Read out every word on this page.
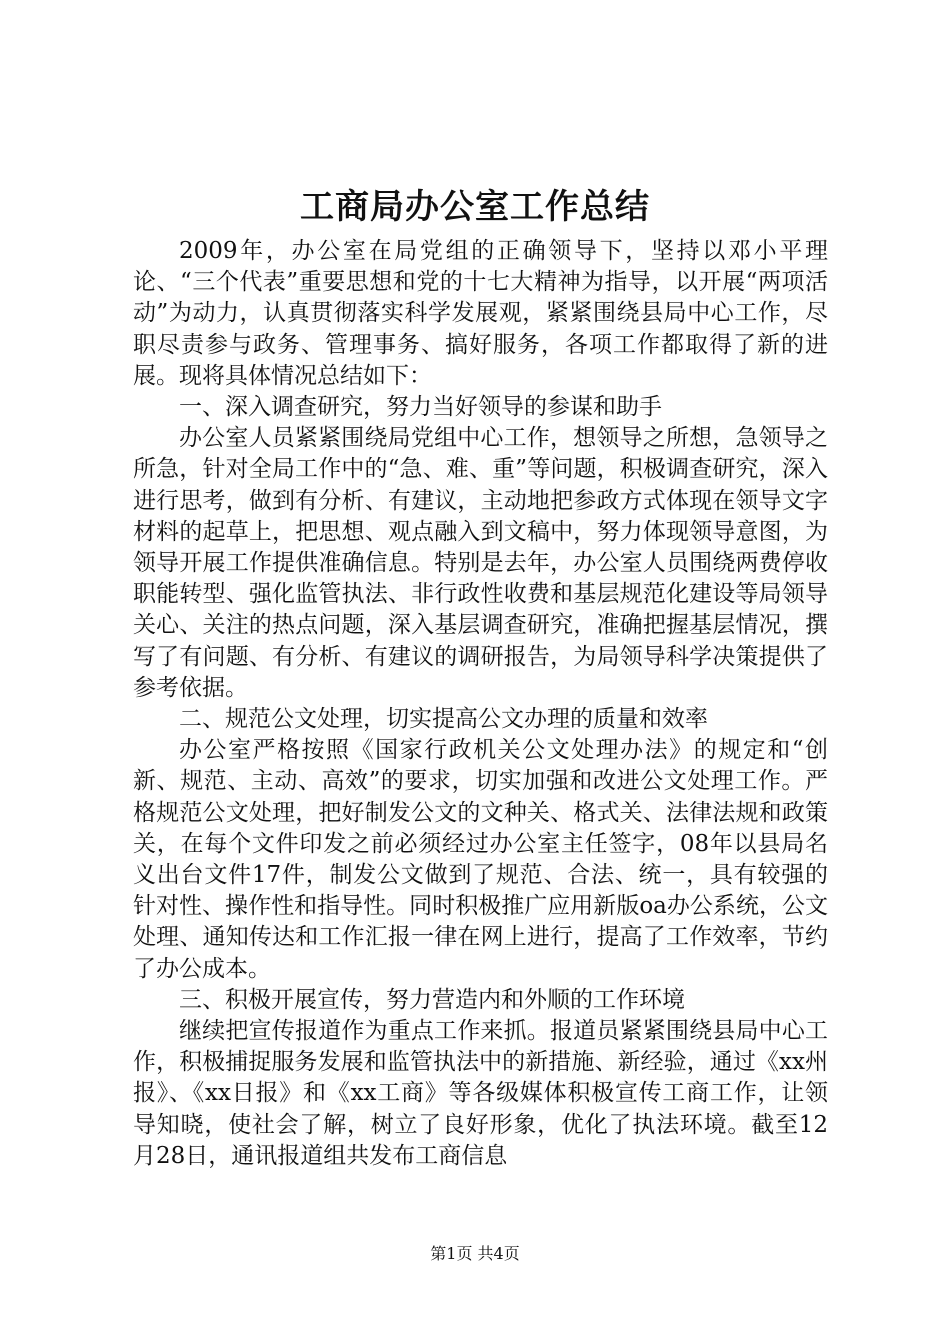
工商局办公室工作总结

2009年，办公室在局党组的正确领导下，坚持以邓小平理论、“三个代表”重要思想和党的十七大精神为指导，以开展“两项活动”为动力，认真贯彻落实科学发展观，紧紧围绕县局中心工作，尽职尽责参与政务、管理事务、搞好服务，各项工作都取得了新的进展。现将具体情况总结如下：

一、深入调查研究，努力当好领导的参谋和助手

办公室人员紧紧围绕局党组中心工作，想领导之所想，急领导之所急，针对全局工作中的“急、难、重”等问题，积极调查研究，深入进行思考，做到有分析、有建议，主动地把参政方式体现在领导文字材料的起草上，把思想、观点融入到文稿中，努力体现领导意图，为领导开展工作提供准确信息。特别是去年，办公室人员围绕两费停收职能转型、强化监管执法、非行政性收费和基层规范化建设等局领导关心、关注的热点问题，深入基层调查研究，准确把握基层情况，撰写了有问题、有分析、有建议的调研报告，为局领导科学决策提供了参考依据。

二、规范公文处理，切实提高公文办理的质量和效率

办公室严格按照《国家行政机关公文处理办法》的规定和“创新、规范、主动、高效”的要求，切实加强和改进公文处理工作。严格规范公文处理，把好制发公文的文种关、格式关、法律法规和政策关，在每个文件印发之前必须经过办公室主任签字，08年以县局名义出台文件17件，制发公文做到了规范、合法、统一，具有较强的针对性、操作性和指导性。同时积极推广应用新版oa办公系统，公文处理、通知传达和工作汇报一律在网上进行，提高了工作效率，节约了办公成本。

三、积极开展宣传，努力营造内和外顺的工作环境

继续把宣传报道作为重点工作来抓。报道员紧紧围绕县局中心工作，积极捕捉服务发展和监管执法中的新措施、新经验，通过《xx州报》、《xx日报》和《xx工商》等各级媒体积极宣传工商工作，让领导知晓，使社会了解，树立了良好形象，优化了执法环境。截至12月28日，通讯报道组共发布工商信息

第1页 共4页
